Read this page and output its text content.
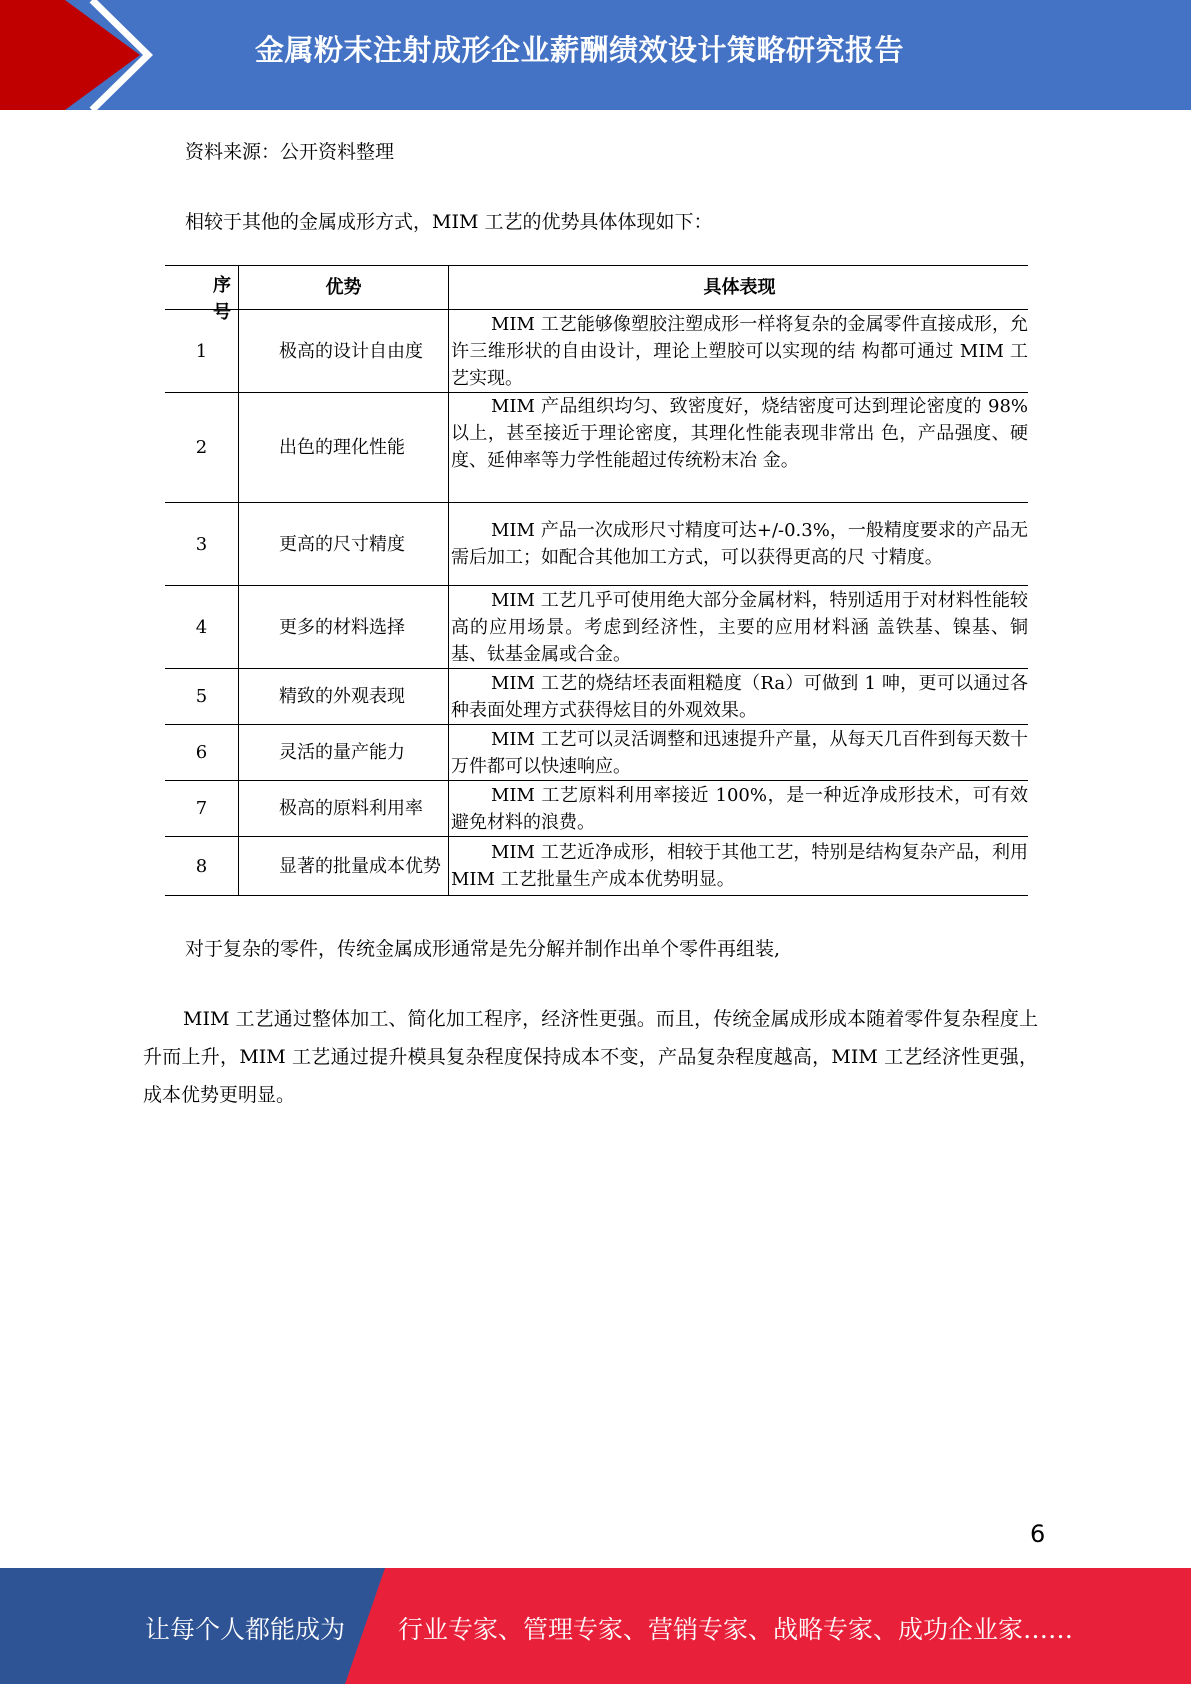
金属粉末注射成形企业薪酬绩效设计策略研究报告
资料来源：公开资料整理
相较于其他的金属成形方式，MIM 工艺的优势具体体现如下：
序号	优势	具体表现
1	极高的设计自由度	MIM 工艺能够像塑胶注塑成形一样将复杂的金属零件直接成形，允许三维形状的自由设计，理论上塑胶可以实现的结 构都可通过 MIM 工艺实现。

2	出色的理化性能	MIM 产品组织均匀、致密度好，烧结密度可达到理论密度的 98%以上，甚至接近于理论密度，其理化性能表现非常出 色，产品强度、硬度、延伸率等力学性能超过传统粉末冶 金。

3	更高的尺寸精度	MIM 产品一次成形尺寸精度可达+/-0.3%，一般精度要求的产品无需后加工；如配合其他加工方式，可以获得更高的尺 寸精度。

4	更多的材料选择	MIM 工艺几乎可使用绝大部分金属材料，特别适用于对材料性能较高的应用场景。考虑到经济性，主要的应用材料涵 盖铁基、镍基、铜基、钛基金属或合金。

5	精致的外观表现	MIM 工艺的烧结坯表面粗糙度（Ra）可做到 1 呻，更可以通过各种表面处理方式获得炫目的外观效果。

6	灵活的量产能力	MIM 工艺可以灵活调整和迅速提升产量，从每天几百件到每天数十万件都可以快速响应。

7	极高的原料利用率	MIM 工艺原料利用率接近 100%，是一种近净成形技术，可有效避免材料的浪费。

8	显著的批量成本优势	MIM 工艺近净成形，相较于其他工艺，特别是结构复杂产品，利用 MIM 工艺批量生产成本优势明显。
对于复杂的零件，传统金属成形通常是先分解并制作出单个零件再组装,
MIM 工艺通过整体加工、简化加工程序，经济性更强。而且，传统金属成形成本随着零件复杂程度上升而上升，MIM 工艺通过提升模具复杂程度保持成本不变，产品复杂程度越高，MIM 工艺经济性更强，成本优势更明显。
6
让每个人都能成为 行业专家、管理专家、营销专家、战略专家、成功企业家……
